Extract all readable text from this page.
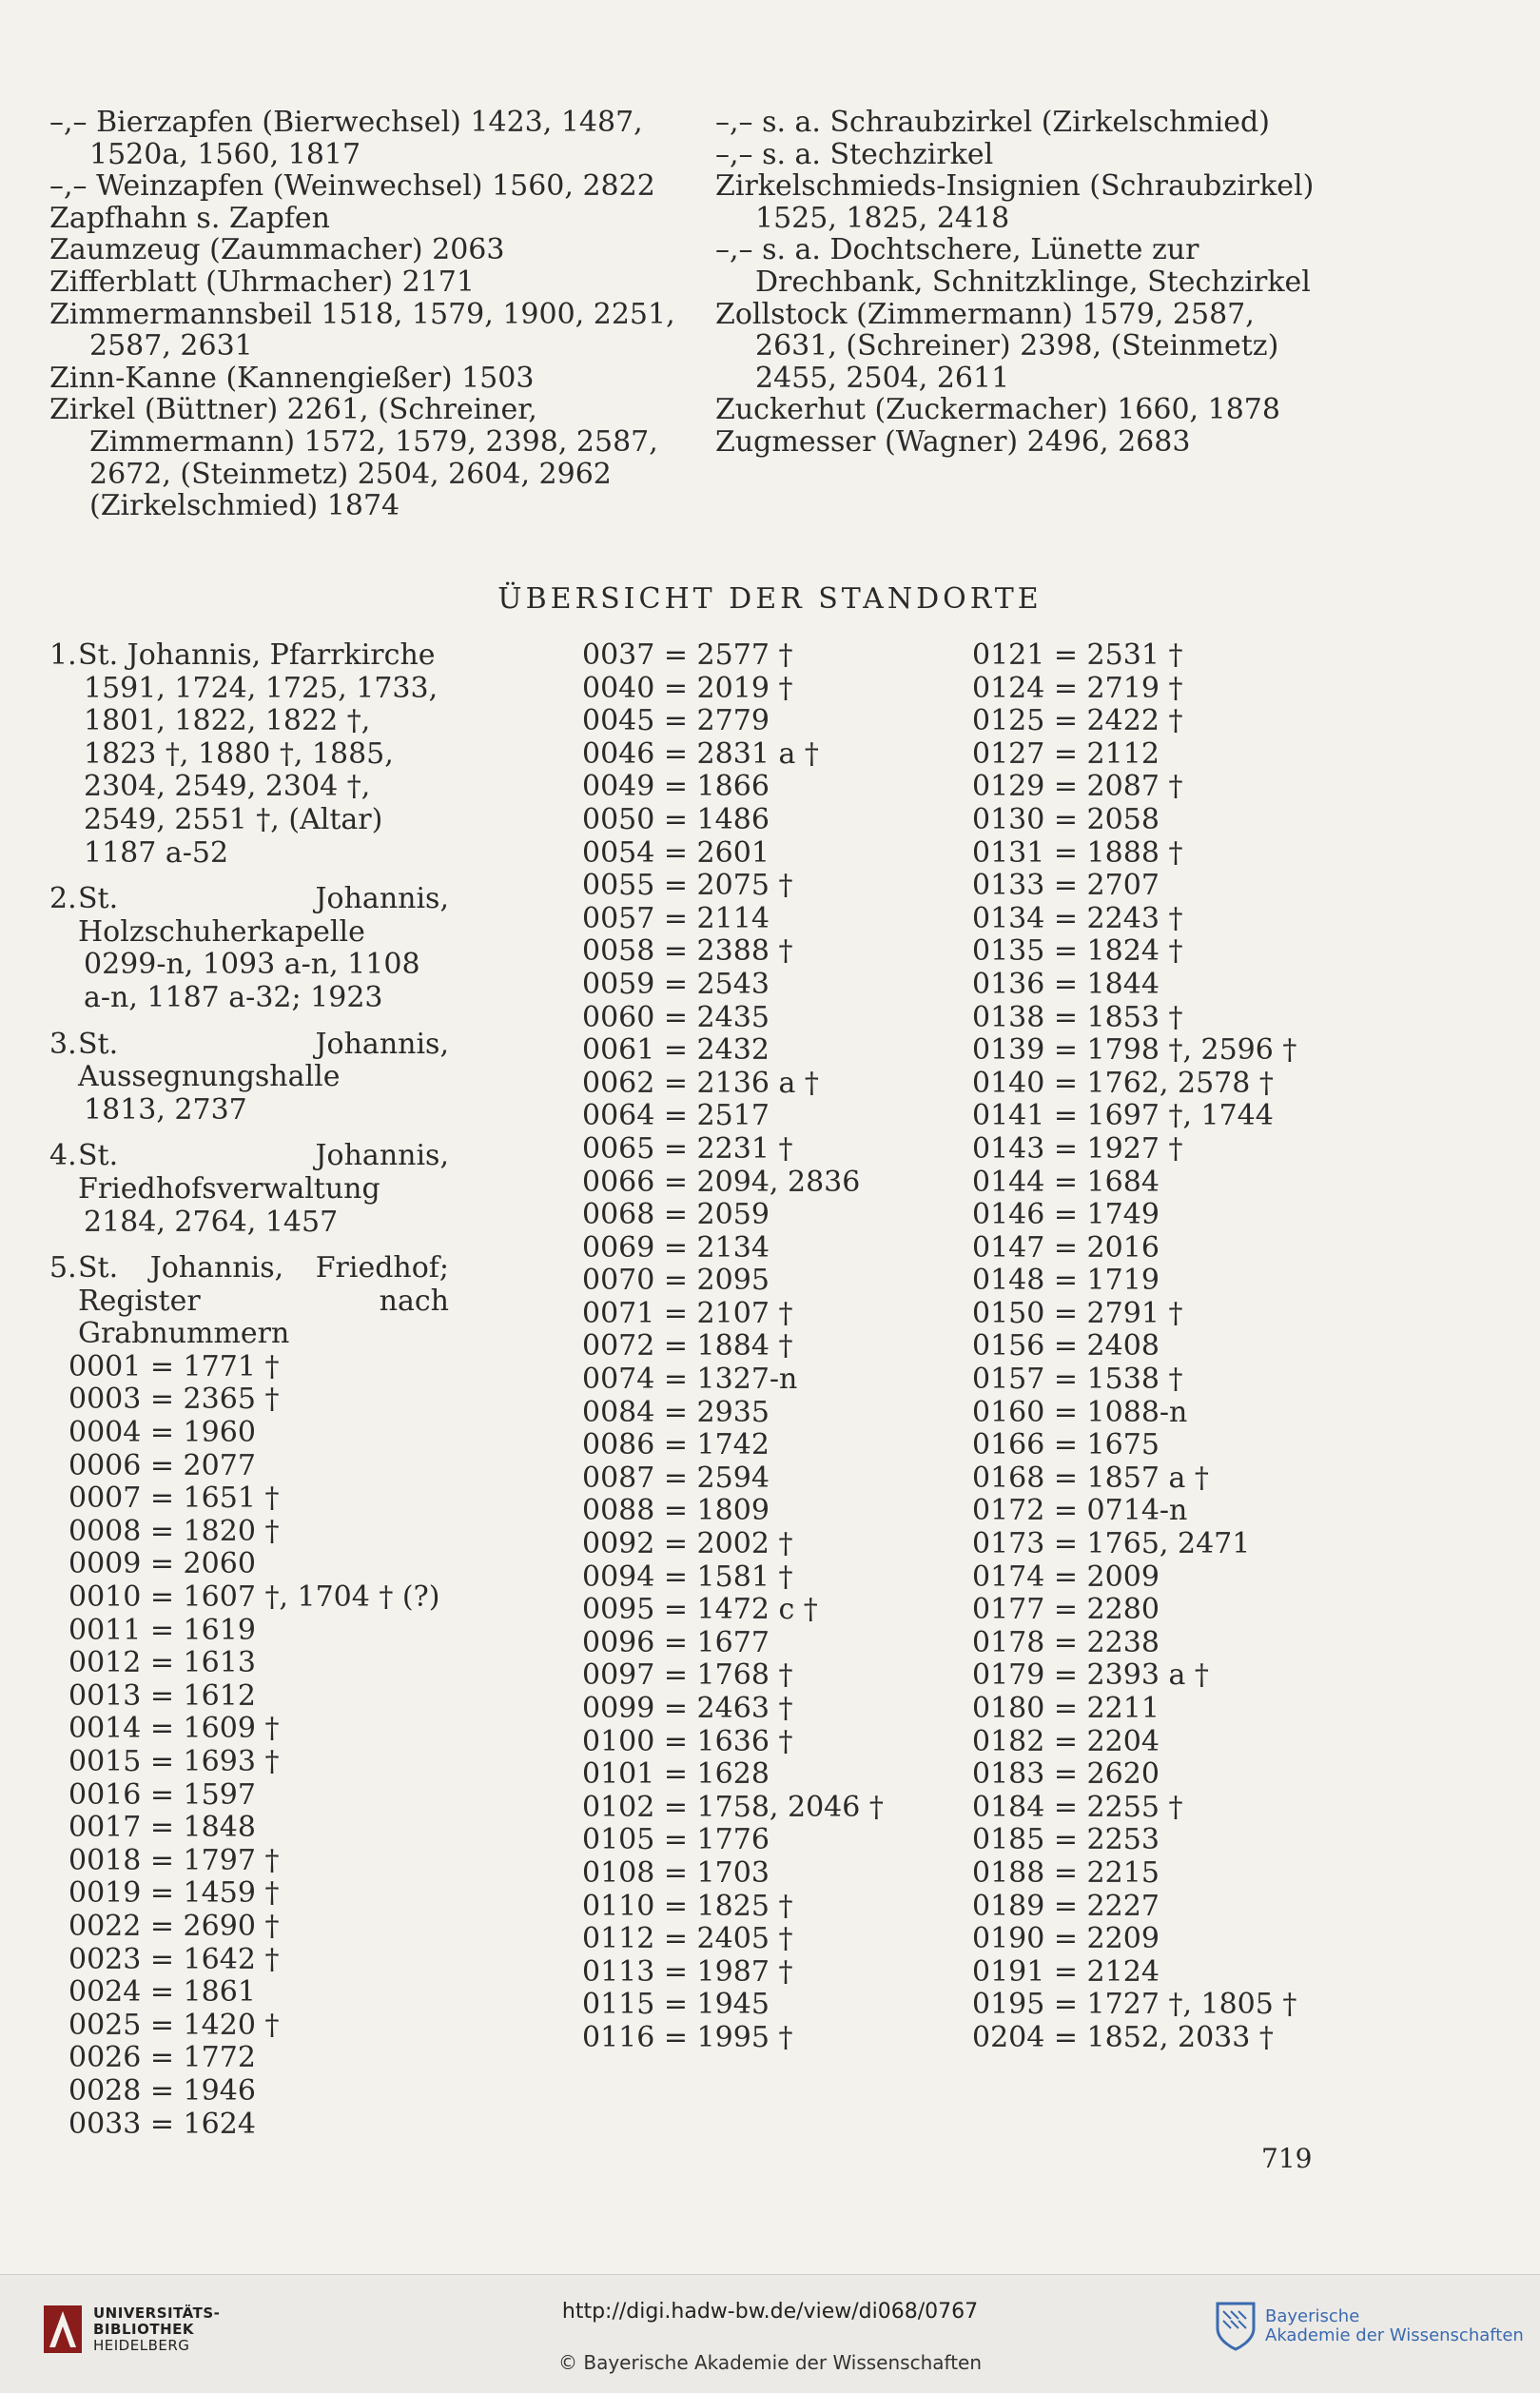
–,– Bierzapfen (Bierwechsel) 1423, 1487, 1520a, 1560, 1817

–,– Weinzapfen (Weinwechsel) 1560, 2822

Zapfhahn s. Zapfen

Zaumzeug (Zaummacher) 2063

Zifferblatt (Uhrmacher) 2171

Zimmermannsbeil 1518, 1579, 1900, 2251, 2587, 2631

Zinn-Kanne (Kannengießer) 1503

Zirkel (Büttner) 2261, (Schreiner, Zimmermann) 1572, 1579, 2398, 2587, 2672, (Steinmetz) 2504, 2604, 2962 (Zirkelschmied) 1874

–,– s. a. Schraubzirkel (Zirkelschmied)

–,– s. a. Stechzirkel

Zirkelschmieds-Insignien (Schraubzirkel) 1525, 1825, 2418

–,– s. a. Dochtschere, Lünette zur Drechbank, Schnitzklinge, Stechzirkel

Zollstock (Zimmermann) 1579, 2587, 2631, (Schreiner) 2398, (Steinmetz) 2455, 2504, 2611

Zuckerhut (Zuckermacher) 1660, 1878

Zugmesser (Wagner) 2496, 2683

ÜBERSICHT DER STANDORTE
1. St. Johannis, Pfarrkirche
1591, 1724, 1725, 1733, 1801, 1822, 1822 †, 1823 †, 1880 †, 1885, 2304, 2549, 2304 †, 2549, 2551 †, (Altar) 1187 a-52
2. St. Johannis, Holzschuherkapelle
0299-n, 1093 a-n, 1108 a-n, 1187 a-32; 1923
3. St. Johannis, Aussegnungshalle
1813, 2737
4. St. Johannis, Friedhofsverwaltung
2184, 2764, 1457
5. St. Johannis, Friedhof; Register nach Grabnummern
0001 = 1771 †
0003 = 2365 †
0004 = 1960
0006 = 2077
0007 = 1651 †
0008 = 1820 †
0009 = 2060
0010 = 1607 †, 1704 † (?)
0011 = 1619
0012 = 1613
0013 = 1612
0014 = 1609 †
0015 = 1693 †
0016 = 1597
0017 = 1848
0018 = 1797 †
0019 = 1459 †
0022 = 2690 †
0023 = 1642 †
0024 = 1861
0025 = 1420 †
0026 = 1772
0028 = 1946
0033 = 1624
0037 = 2577 †
0040 = 2019 †
0045 = 2779
0046 = 2831 a †
0049 = 1866
0050 = 1486
0054 = 2601
0055 = 2075 †
0057 = 2114
0058 = 2388 †
0059 = 2543
0060 = 2435
0061 = 2432
0062 = 2136 a †
0064 = 2517
0065 = 2231 †
0066 = 2094, 2836
0068 = 2059
0069 = 2134
0070 = 2095
0071 = 2107 †
0072 = 1884 †
0074 = 1327-n
0084 = 2935
0086 = 1742
0087 = 2594
0088 = 1809
0092 = 2002 †
0094 = 1581 †
0095 = 1472 c †
0096 = 1677
0097 = 1768 †
0099 = 2463 †
0100 = 1636 †
0101 = 1628
0102 = 1758, 2046 †
0105 = 1776
0108 = 1703
0110 = 1825 †
0112 = 2405 †
0113 = 1987 †
0115 = 1945
0116 = 1995 †
0121 = 2531 †
0124 = 2719 †
0125 = 2422 †
0127 = 2112
0129 = 2087 †
0130 = 2058
0131 = 1888 †
0133 = 2707
0134 = 2243 †
0135 = 1824 †
0136 = 1844
0138 = 1853 †
0139 = 1798 †, 2596 †
0140 = 1762, 2578 †
0141 = 1697 †, 1744
0143 = 1927 †
0144 = 1684
0146 = 1749
0147 = 2016
0148 = 1719
0150 = 2791 †
0156 = 2408
0157 = 1538 †
0160 = 1088-n
0166 = 1675
0168 = 1857 a †
0172 = 0714-n
0173 = 1765, 2471
0174 = 2009
0177 = 2280
0178 = 2238
0179 = 2393 a †
0180 = 2211
0182 = 2204
0183 = 2620
0184 = 2255 †
0185 = 2253
0188 = 2215
0189 = 2227
0190 = 2209
0191 = 2124
0195 = 1727 †, 1805 †
0204 = 1852, 2033 †
719
UNIVERSITÄTS-
BIBLIOTHEK
HEIDELBERG
http://digi.hadw-bw.de/view/di068/0767
© Bayerische Akademie der Wissenschaften
Bayerische
Akademie der Wissenschaften
